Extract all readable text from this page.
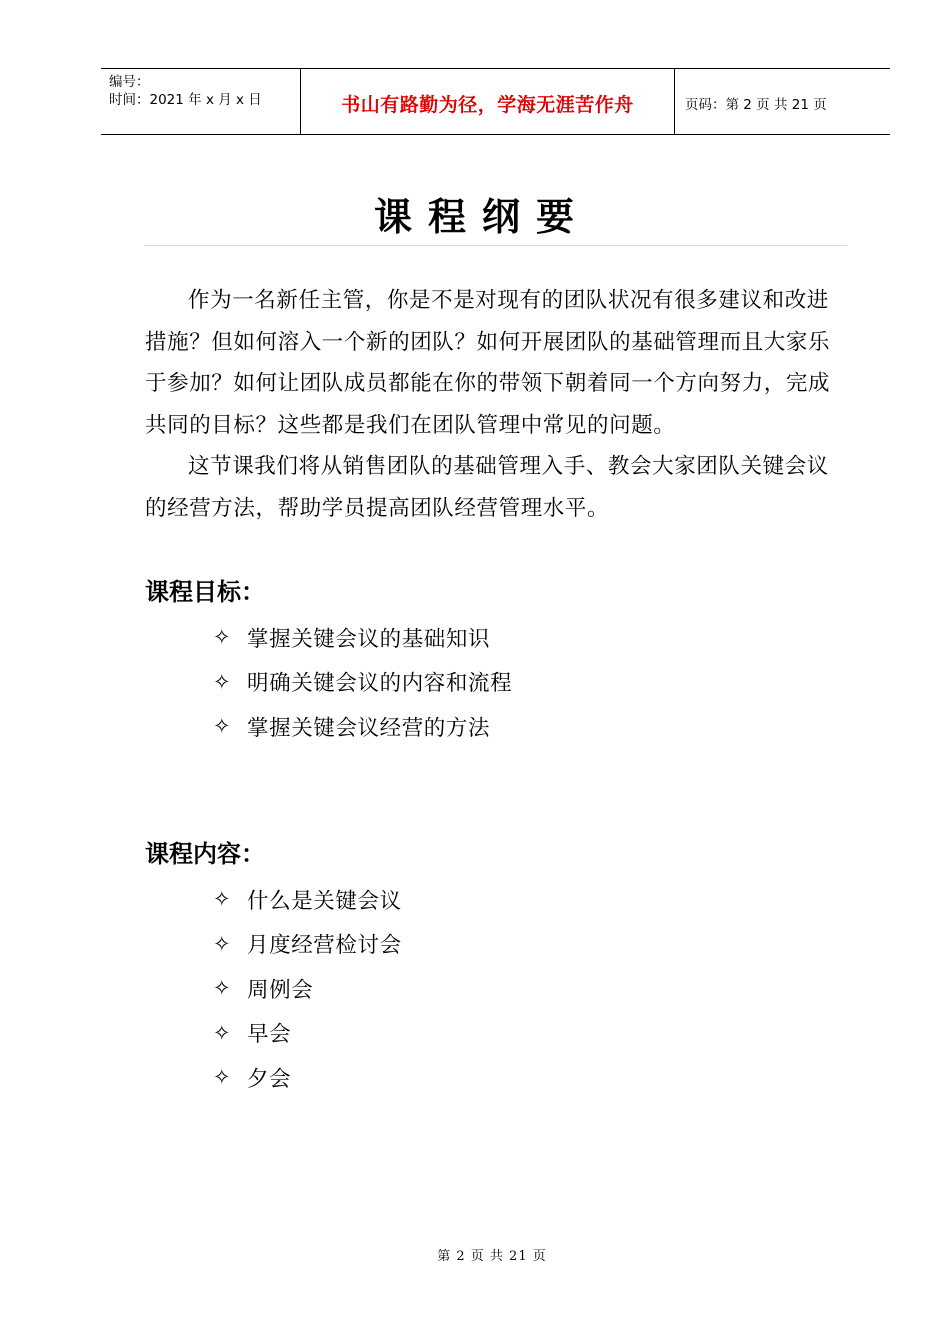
编号：
时间：2021 年 x 月 x 日	书山有路勤为径，学海无涯苦作舟	页码：第 2 页 共 21 页
课程纲要

作为一名新任主管，你是不是对现有的团队状况有很多建议和改进措施？但如何溶入一个新的团队？如何开展团队的基础管理而且大家乐于参加？如何让团队成员都能在你的带领下朝着同一个方向努力，完成共同的目标？这些都是我们在团队管理中常见的问题。

这节课我们将从销售团队的基础管理入手、教会大家团队关键会议的经营方法，帮助学员提高团队经营管理水平。

课程目标：
✧ 掌握关键会议的基础知识
✧ 明确关键会议的内容和流程
✧ 掌握关键会议经营的方法
课程内容：
✧ 什么是关键会议
✧ 月度经营检讨会
✧ 周例会
✧ 早会
✧ 夕会
第 2 页 共 21 页
